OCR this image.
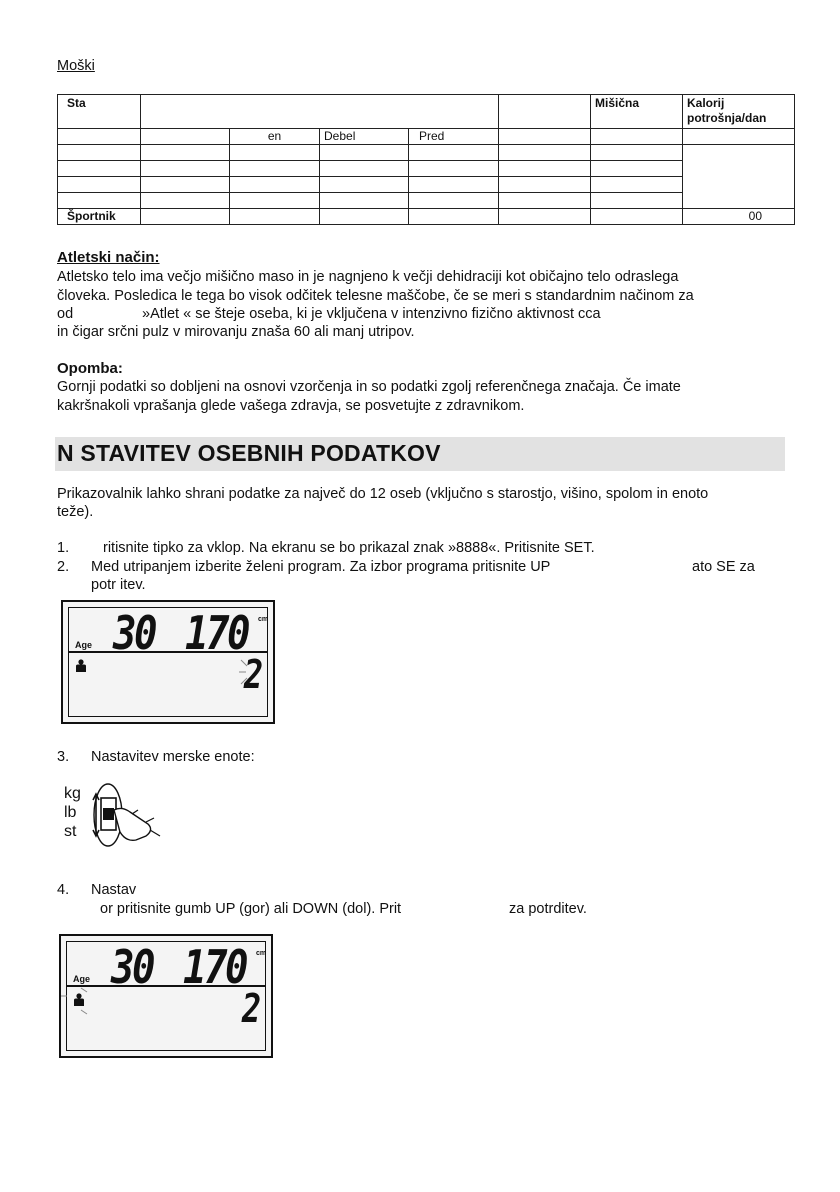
Moški
Sta						Mišična	Kalorij
potrošnja/dan

		en	Debel	Pred			

Športnik							00
Atletski način:
Atletsko telo ima večjo mišično maso in je nagnjeno k večji dehidraciji kot običajno telo odraslega
človeka. Posledica le tega bo visok odčitek telesne maščobe, če se meri s standardnim načinom za
od	»Atlet « se šteje oseba, ki je vključena v intenzivno fizično aktivnost cca
in čigar srčni pulz v mirovanju znaša 60 ali manj utripov.
Opomba:
Gornji podatki so dobljeni na osnovi vzorčenja in so podatki zgolj referenčnega značaja. Če imate
kakršnakoli vprašanja glede vašega zdravja, se posvetujte z zdravnikom.
N STAVITEV OSEBNIH PODATKOV
Prikazovalnik lahko shrani podatke za največ do 12 oseb (vključno s starostjo, višino, spolom in enoto
teže).
1. ritisnite tipko za vklop. Na ekranu se bo prikazal znak »8888«. Pritisnite SET.
2. Med utripanjem izberite želeni program. Za izbor programa pritisnite UP	ato SE za
potr itev.
30 170 cm
Age
2
3. Nastavitev merske enote:
kg
lb
st
4. Nastav
or pritisnite gumb UP (gor) ali DOWN (dol). Prit	za potrditev.
30 170 cm
Age
2
